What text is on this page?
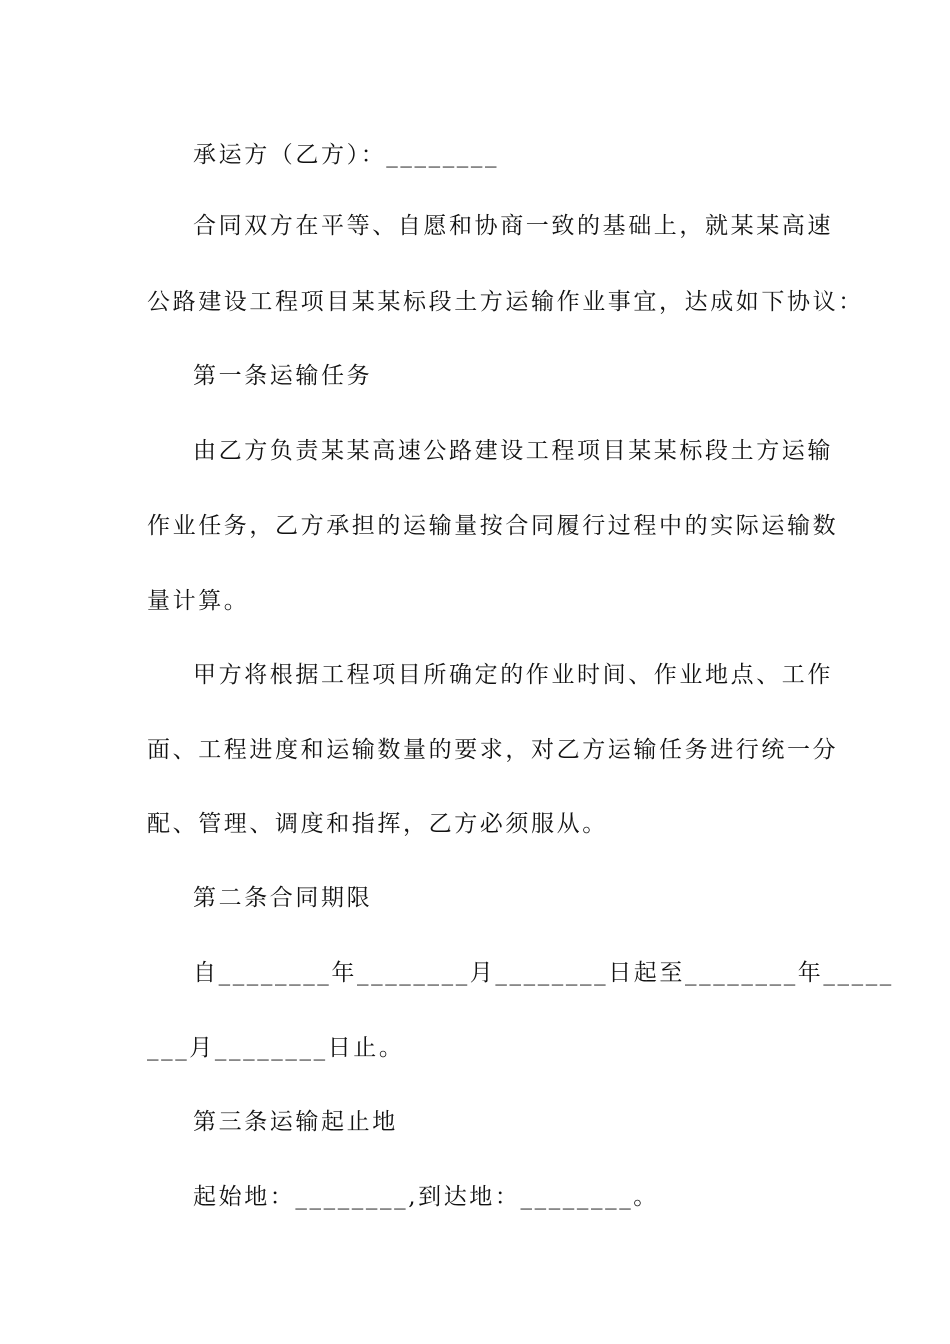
承运方（乙方）：________
合同双方在平等、自愿和协商一致的基础上，就某某高速
公路建设工程项目某某标段土方运输作业事宜，达成如下协议：
第一条运输任务
由乙方负责某某高速公路建设工程项目某某标段土方运输
作业任务，乙方承担的运输量按合同履行过程中的实际运输数
量计算。
甲方将根据工程项目所确定的作业时间、作业地点、工作
面、工程进度和运输数量的要求，对乙方运输任务进行统一分
配、管理、调度和指挥，乙方必须服从。
第二条合同期限
自________年________月________日起至________年_____
___月________日止。
第三条运输起止地
起始地：________,到达地：________。
